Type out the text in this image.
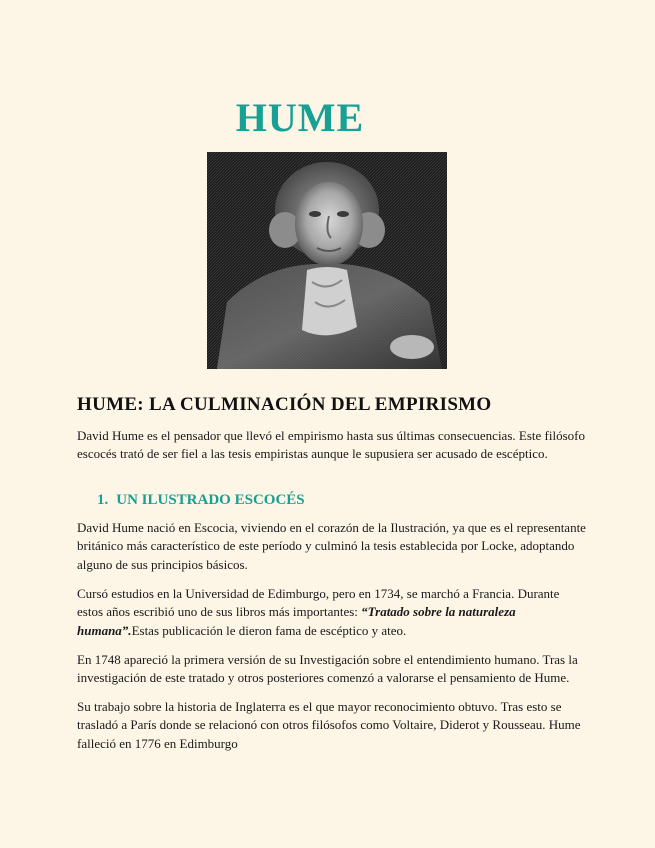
HUME
HUME: LA CULMINACIÓN DEL EMPIRISMO

David Hume es el pensador que llevó el empirismo hasta sus últimas consecuencias. Este filósofo escocés trató de ser fiel a las tesis empiristas aunque le supusiera ser acusado de escéptico.

1. UN ILUSTRADO ESCOCÉS

David Hume nació en Escocia, viviendo en el corazón de la Ilustración, ya que es el representante británico más característico de este período y culminó la tesis establecida por Locke, adoptando alguno de sus principios básicos.

Cursó estudios en la Universidad de Edimburgo, pero en 1734, se marchó a Francia. Durante estos años escribió uno de sus libros más importantes: “Tratado sobre la naturaleza humana”.Estas publicación le dieron fama de escéptico y ateo.

En 1748 apareció la primera versión de su Investigación sobre el entendimiento humano. Tras la investigación de este tratado y otros posteriores comenzó a valorarse el pensamiento de Hume.

Su trabajo sobre la historia de Inglaterra es el que mayor reconocimiento obtuvo. Tras esto se trasladó a París donde se relacionó con otros filósofos como Voltaire, Diderot y Rousseau. Hume falleció en 1776 en Edimburgo
